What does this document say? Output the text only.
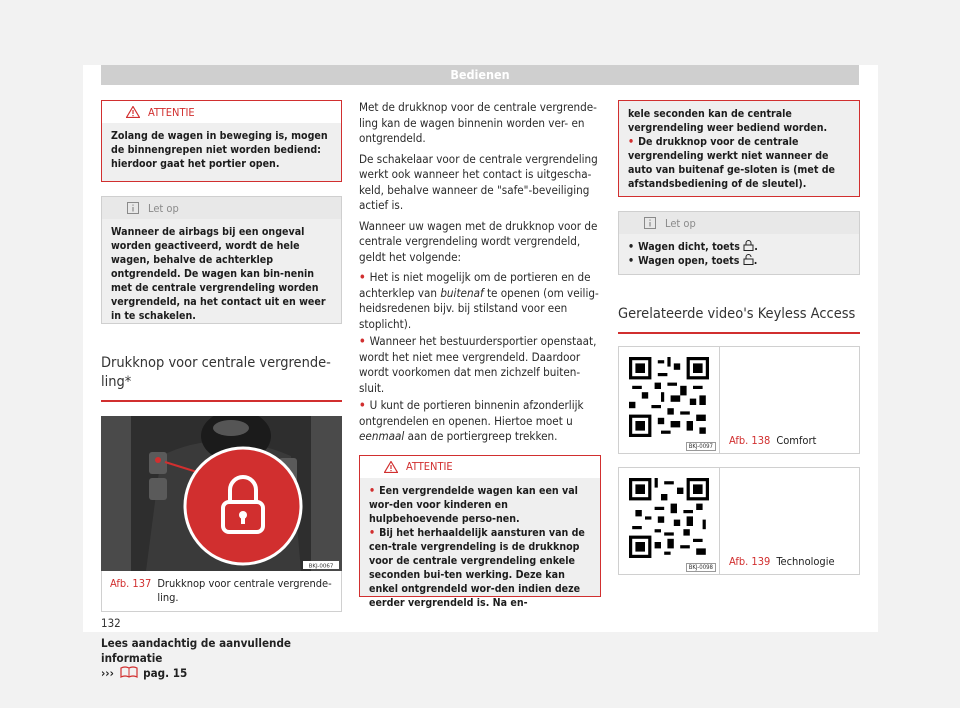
Bedienen
ATTENTIE
Zolang de wagen in beweging is, mogen de binnengrepen niet worden bediend: hierdoor gaat het portier open.
Let op
Wanneer de airbags bij een ongeval worden geactiveerd, wordt de hele wagen, behalve de achterklep ontgrendeld. De wagen kan bin-nenin met de centrale vergrendeling worden vergrendeld, na het contact uit en weer in te schakelen.
Drukknop voor centrale vergrende-ling*
BKJ-0067
Afb. 137 Drukknop voor centrale vergrende-ling.
Lees aandachtig de aanvullende informatie
›››	pag. 15

Met de drukknop voor de centrale vergrende-ling kan de wagen binnenin worden ver- en ontgrendeld.

De schakelaar voor de centrale vergrendeling werkt ook wanneer het contact is uitgescha-keld, behalve wanneer de "safe"-beveiliging actief is.

Wanneer uw wagen met de drukknop voor de centrale vergrendeling wordt vergrendeld, geldt het volgende:

• Het is niet mogelijk om de portieren en de achterklep van buitenaf te openen (om veilig-heidsredenen bijv. bij stilstand voor een stoplicht).

• Wanneer het bestuurdersportier openstaat, wordt het niet mee vergrendeld. Daardoor wordt voorkomen dat men zichzelf buiten-sluit.

• U kunt de portieren binnenin afzonderlijk ontgrendelen en openen. Hiertoe moet u eenmaal aan de portiergreep trekken.

ATTENTIE
• Een vergrendelde wagen kan een val wor-den voor kinderen en hulpbehoevende perso-nen.
• Bij het herhaaldelijk aansturen van de cen-trale vergrendeling is de drukknop voor de centrale vergrendeling enkele seconden bui-ten werking. Deze kan enkel ontgrendeld wor-den indien deze eerder vergrendeld is. Na en-
kele seconden kan de centrale vergrendeling weer bediend worden.
• De drukknop voor de centrale vergrendeling werkt niet wanneer de auto van buitenaf ge-sloten is (met de afstandsbediening of de sleutel).
Let op
• Wagen dicht, toets .
• Wagen open, toets .
Gerelateerde video's Keyless Access
BKJ-0097 Afb. 138 Comfort
BKJ-0098 Afb. 139 Technologie
132
